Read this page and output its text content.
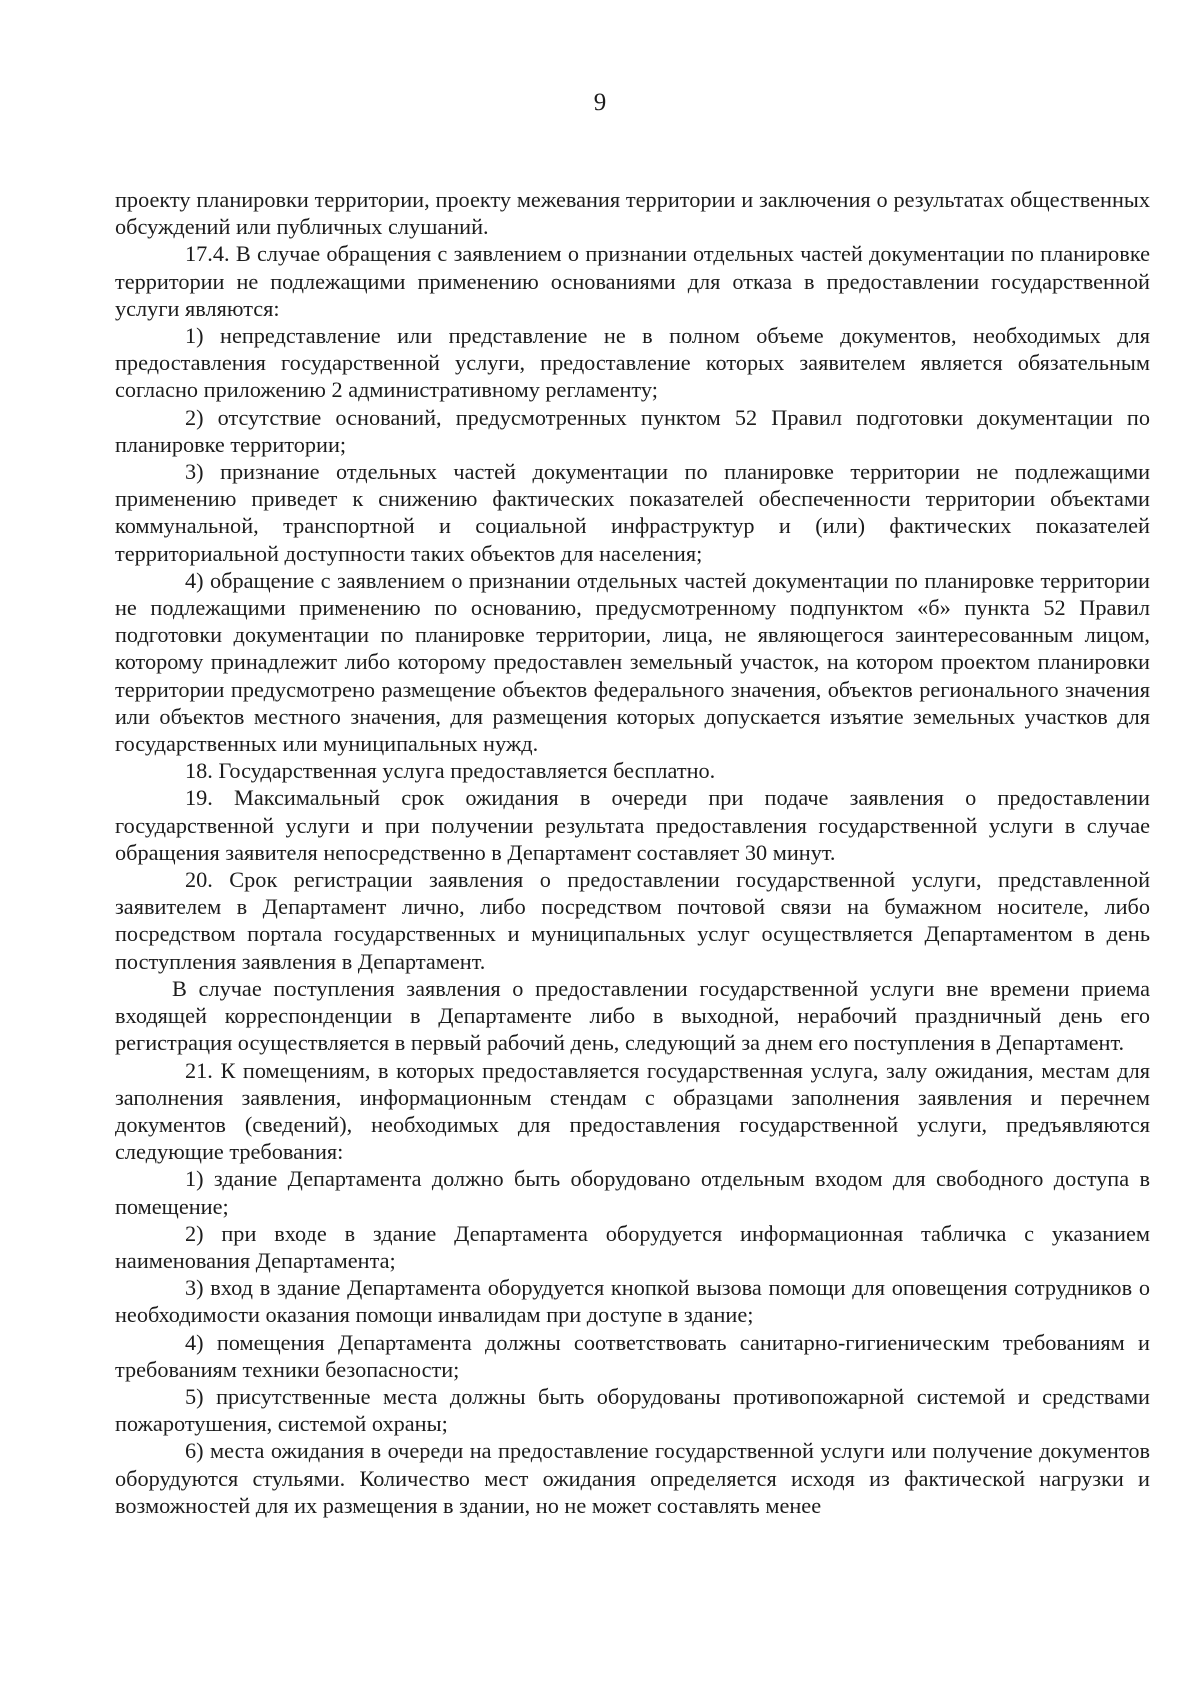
9

проекту планировки территории, проекту межевания территории и заключения о результатах общественных обсуждений или публичных слушаний.

17.4. В случае обращения с заявлением о признании отдельных частей документации по планировке территории не подлежащими применению основаниями для отказа в предоставлении государственной услуги являются:

1) непредставление или представление не в полном объеме документов, необходимых для предоставления государственной услуги, предоставление которых заявителем является обязательным согласно приложению 2 административному регламенту;

2) отсутствие оснований, предусмотренных пунктом 52 Правил подготовки документации по планировке территории;

3) признание отдельных частей документации по планировке территории не подлежащими применению приведет к снижению фактических показателей обеспеченности территории объектами коммунальной, транспортной и социальной инфраструктур и (или) фактических показателей территориальной доступности таких объектов для населения;

4) обращение с заявлением о признании отдельных частей документации по планировке территории не подлежащими применению по основанию, предусмотренному подпунктом «б» пункта 52 Правил подготовки документации по планировке территории, лица, не являющегося заинтересованным лицом, которому принадлежит либо которому предоставлен земельный участок, на котором проектом планировки территории предусмотрено размещение объектов федерального значения, объектов регионального значения или объектов местного значения, для размещения которых допускается изъятие земельных участков для государственных или муниципальных нужд.

18. Государственная услуга предоставляется бесплатно.

19. Максимальный срок ожидания в очереди при подаче заявления о предоставлении государственной услуги и при получении результата предоставления государственной услуги в случае обращения заявителя непосредственно в Департамент составляет 30 минут.

20. Срок регистрации заявления о предоставлении государственной услуги, представленной заявителем в Департамент лично, либо посредством почтовой связи на бумажном носителе, либо посредством портала государственных и муниципальных услуг осуществляется Департаментом в день поступления заявления в Департамент.

В случае поступления заявления о предоставлении государственной услуги вне времени приема входящей корреспонденции в Департаменте либо в выходной, нерабочий праздничный день его регистрация осуществляется в первый рабочий день, следующий за днем его поступления в Департамент.

21. К помещениям, в которых предоставляется государственная услуга, залу ожидания, местам для заполнения заявления, информационным стендам с образцами заполнения заявления и перечнем документов (сведений), необходимых для предоставления государственной услуги, предъявляются следующие требования:

1) здание Департамента должно быть оборудовано отдельным входом для свободного доступа в помещение;

2) при входе в здание Департамента оборудуется информационная табличка с указанием наименования Департамента;

3) вход в здание Департамента оборудуется кнопкой вызова помощи для оповещения сотрудников о необходимости оказания помощи инвалидам при доступе в здание;

4) помещения Департамента должны соответствовать санитарно-гигиеническим требованиям и требованиям техники безопасности;

5) присутственные места должны быть оборудованы противопожарной системой и средствами пожаротушения, системой охраны;

6) места ожидания в очереди на предоставление государственной услуги или получение документов оборудуются стульями. Количество мест ожидания определяется исходя из фактической нагрузки и возможностей для их размещения в здании, но не может составлять менее
